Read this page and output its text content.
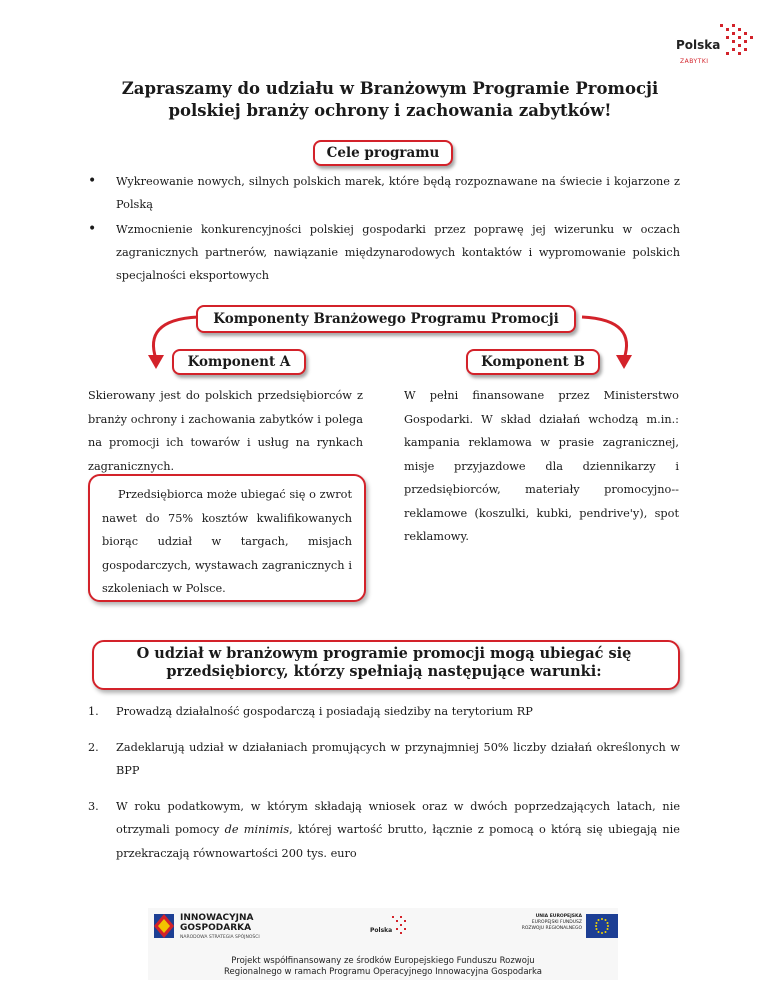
Polska
ZABYTKI
Zapraszamy do udziału w Branżowym Programie Promocji
polskiej branży ochrony i zachowania zabytków!
Cele programu
• Wykreowanie nowych, silnych polskich marek, które będą rozpoznawane na świecie i kojarzone z Polską
• Wzmocnienie konkurencyjności polskiej gospodarki przez poprawę jej wizerunku w oczach zagranicznych partnerów, nawiązanie międzynarodowych kontaktów i wypromowanie polskich specjalności eksportowych
Komponenty Branżowego Programu Promocji
Komponent A	Komponent B
Skierowany jest do polskich przedsiębiorców z branży ochrony i zachowania zabytków i polega na promocji ich towarów i usług na rynkach zagranicznych.
W pełni finansowane przez Ministerstwo Gospodarki. W skład działań wchodzą m.in.: kampania reklamowa w prasie zagranicznej, misje przyjazdowe dla dziennikarzy i przedsiębiorców, materiały promocyjno--reklamowe (koszulki, kubki, pendrive'y), spot reklamowy.
Przedsiębiorca może ubiegać się o zwrot nawet do 75% kosztów kwalifikowanych biorąc udział w targach, misjach gospodarczych, wystawach zagranicznych i szkoleniach w Polsce.
O udział w branżowym programie promocji mogą ubiegać się
przedsiębiorcy, którzy spełniają następujące warunki:
1. Prowadzą działalność gospodarczą i posiadają siedziby na terytorium RP
2. Zadeklarują udział w działaniach promujących w przynajmniej 50% liczby działań określonych w BPP
3. W roku podatkowym, w którym składają wniosek oraz w dwóch poprzedzających latach, nie otrzymali pomocy de minimis, której wartość brutto, łącznie z pomocą o którą się ubiegają nie przekraczają równowartości 200 tys. euro
INNOWACYJNA
GOSPODARKA
NARODOWA STRATEGIA SPÓJNOŚCI
Polska
UNIA EUROPEJSKA
EUROPEJSKI FUNDUSZ
ROZWOJU REGIONALNEGO
Projekt współfinansowany ze środków Europejskiego Funduszu Rozwoju
Regionalnego w ramach Programu Operacyjnego Innowacyjna Gospodarka
